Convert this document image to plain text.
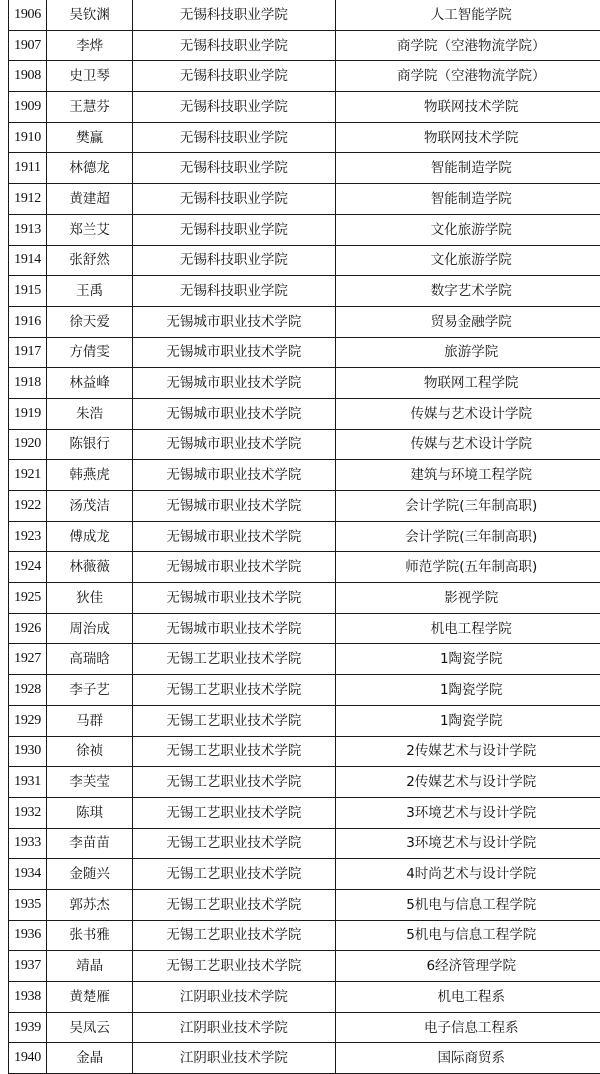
1906	吴钦渊	无锡科技职业学院	人工智能学院
1907	李烨	无锡科技职业学院	商学院（空港物流学院）
1908	史卫琴	无锡科技职业学院	商学院（空港物流学院）
1909	王慧芬	无锡科技职业学院	物联网技术学院
1910	樊赢	无锡科技职业学院	物联网技术学院
1911	林德龙	无锡科技职业学院	智能制造学院
1912	黄建超	无锡科技职业学院	智能制造学院
1913	郑兰艾	无锡科技职业学院	文化旅游学院
1914	张舒然	无锡科技职业学院	文化旅游学院
1915	王禹	无锡科技职业学院	数字艺术学院
1916	徐天爱	无锡城市职业技术学院	贸易金融学院
1917	方倩雯	无锡城市职业技术学院	旅游学院
1918	林益峰	无锡城市职业技术学院	物联网工程学院
1919	朱浩	无锡城市职业技术学院	传媒与艺术设计学院
1920	陈银行	无锡城市职业技术学院	传媒与艺术设计学院
1921	韩燕虎	无锡城市职业技术学院	建筑与环境工程学院
1922	汤茂洁	无锡城市职业技术学院	会计学院(三年制高职)
1923	傅成龙	无锡城市职业技术学院	会计学院(三年制高职)
1924	林薇薇	无锡城市职业技术学院	师范学院(五年制高职)
1925	狄佳	无锡城市职业技术学院	影视学院
1926	周治成	无锡城市职业技术学院	机电工程学院
1927	高瑞晗	无锡工艺职业技术学院	1陶瓷学院
1928	李子艺	无锡工艺职业技术学院	1陶瓷学院
1929	马群	无锡工艺职业技术学院	1陶瓷学院
1930	徐祯	无锡工艺职业技术学院	2传媒艺术与设计学院
1931	李芙莹	无锡工艺职业技术学院	2传媒艺术与设计学院
1932	陈琪	无锡工艺职业技术学院	3环境艺术与设计学院
1933	李苗苗	无锡工艺职业技术学院	3环境艺术与设计学院
1934	金随兴	无锡工艺职业技术学院	4时尚艺术与设计学院
1935	郭苏杰	无锡工艺职业技术学院	5机电与信息工程学院
1936	张书雅	无锡工艺职业技术学院	5机电与信息工程学院
1937	靖晶	无锡工艺职业技术学院	6经济管理学院
1938	黄楚雁	江阴职业技术学院	机电工程系
1939	吴凤云	江阴职业技术学院	电子信息工程系
1940	金晶	江阴职业技术学院	国际商贸系
